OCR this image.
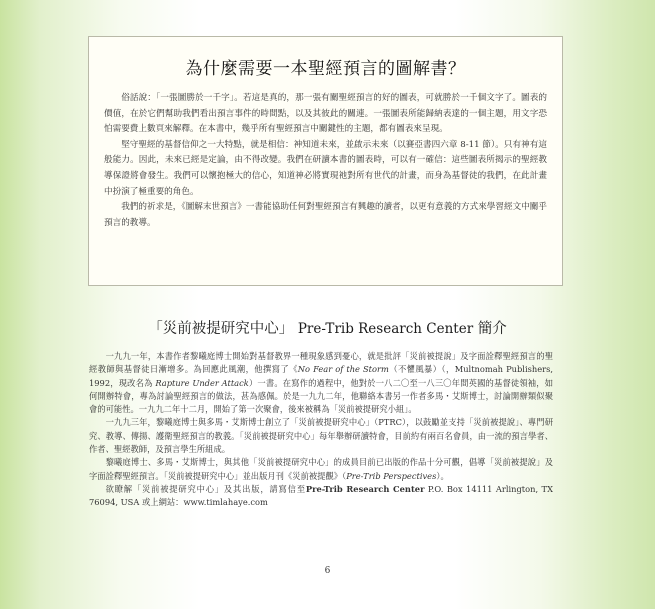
為什麼需要一本聖經預言的圖解書？

俗話說：「一張圖勝於一千字」。若這是真的，那一張有關聖經預言的好的圖表，可就勝於一千個文字了。圖表的價值，在於它們幫助我們看出預言事件的時間點，以及其彼此的關連。一張圖表所能歸納表達的一個主題，用文字恐怕需要費上數頁來解釋。在本書中，幾乎所有聖經預言中關鍵性的主題，都有圖表來呈現。

堅守聖經的基督信仰之一大特點，就是相信：神知道未來，並啟示未來（以賽亞書四六章 8-11 節）。只有神有這般能力。因此，未來已經是定論，由不得改變。我們在研讀本書的圖表時，可以有一確信：這些圖表所揭示的聖經教導保證將會發生。我們可以懷抱極大的信心，知道神必將實現祂對所有世代的計畫，而身為基督徒的我們，在此計畫中扮演了極重要的角色。

我們的祈求是，《圖解末世預言》一書能協助任何對聖經預言有興趣的讀者，以更有意義的方式來學習經文中關乎預言的教導。

「災前被提研究中心」 Pre-Trib Research Center 簡介

一九九一年，本書作者黎曦庭博士開始對基督教界一種現象感到憂心，就是批評「災前被提說」及字面詮釋聖經預言的聖經教師與基督徒日漸增多。為回應此風潮，他撰寫了《No Fear of the Storm（不懼風暴）（，Multnomah Publishers, 1992，現改名為 Rapture Under Attack）一書。在寫作的過程中，他對於一八二〇至一八三〇年間英國的基督徒領袖，如何開辦特會，專為討論聖經預言的做法，甚為感佩。於是一九九二年，他聯絡本書另一作者多馬・艾斯博士，討論開辦類似聚會的可能性。一九九二年十二月，開始了第一次聚會，後來被稱為「災前被提研究小組」。

一九九三年，黎曦庭博士與多馬・艾斯博士創立了「災前被提研究中心」（PTRC），以鼓勵並支持「災前被提說」、專門研究、教導、傳揚、護衛聖經預言的教義。「災前被提研究中心」每年舉辦研讀特會，目前約有兩百名會員，由一流的預言學者、作者、聖經教師，及預言學生所組成。

黎曦庭博士、多馬・艾斯博士，與其他「災前被提研究中心」的成員目前已出版的作品十分可觀，倡導「災前被提說」及字面詮釋聖經預言。「災前被提研究中心」並出版月刊《災前被提觀》（Pre-Trib Perspectives）。

欲瞭解「災前被提研究中心」及其出版，請寫信至Pre-Trib Research Center P.O. Box 14111 Arlington, TX 76094, USA 或上網站：www.timlahaye.com

6
